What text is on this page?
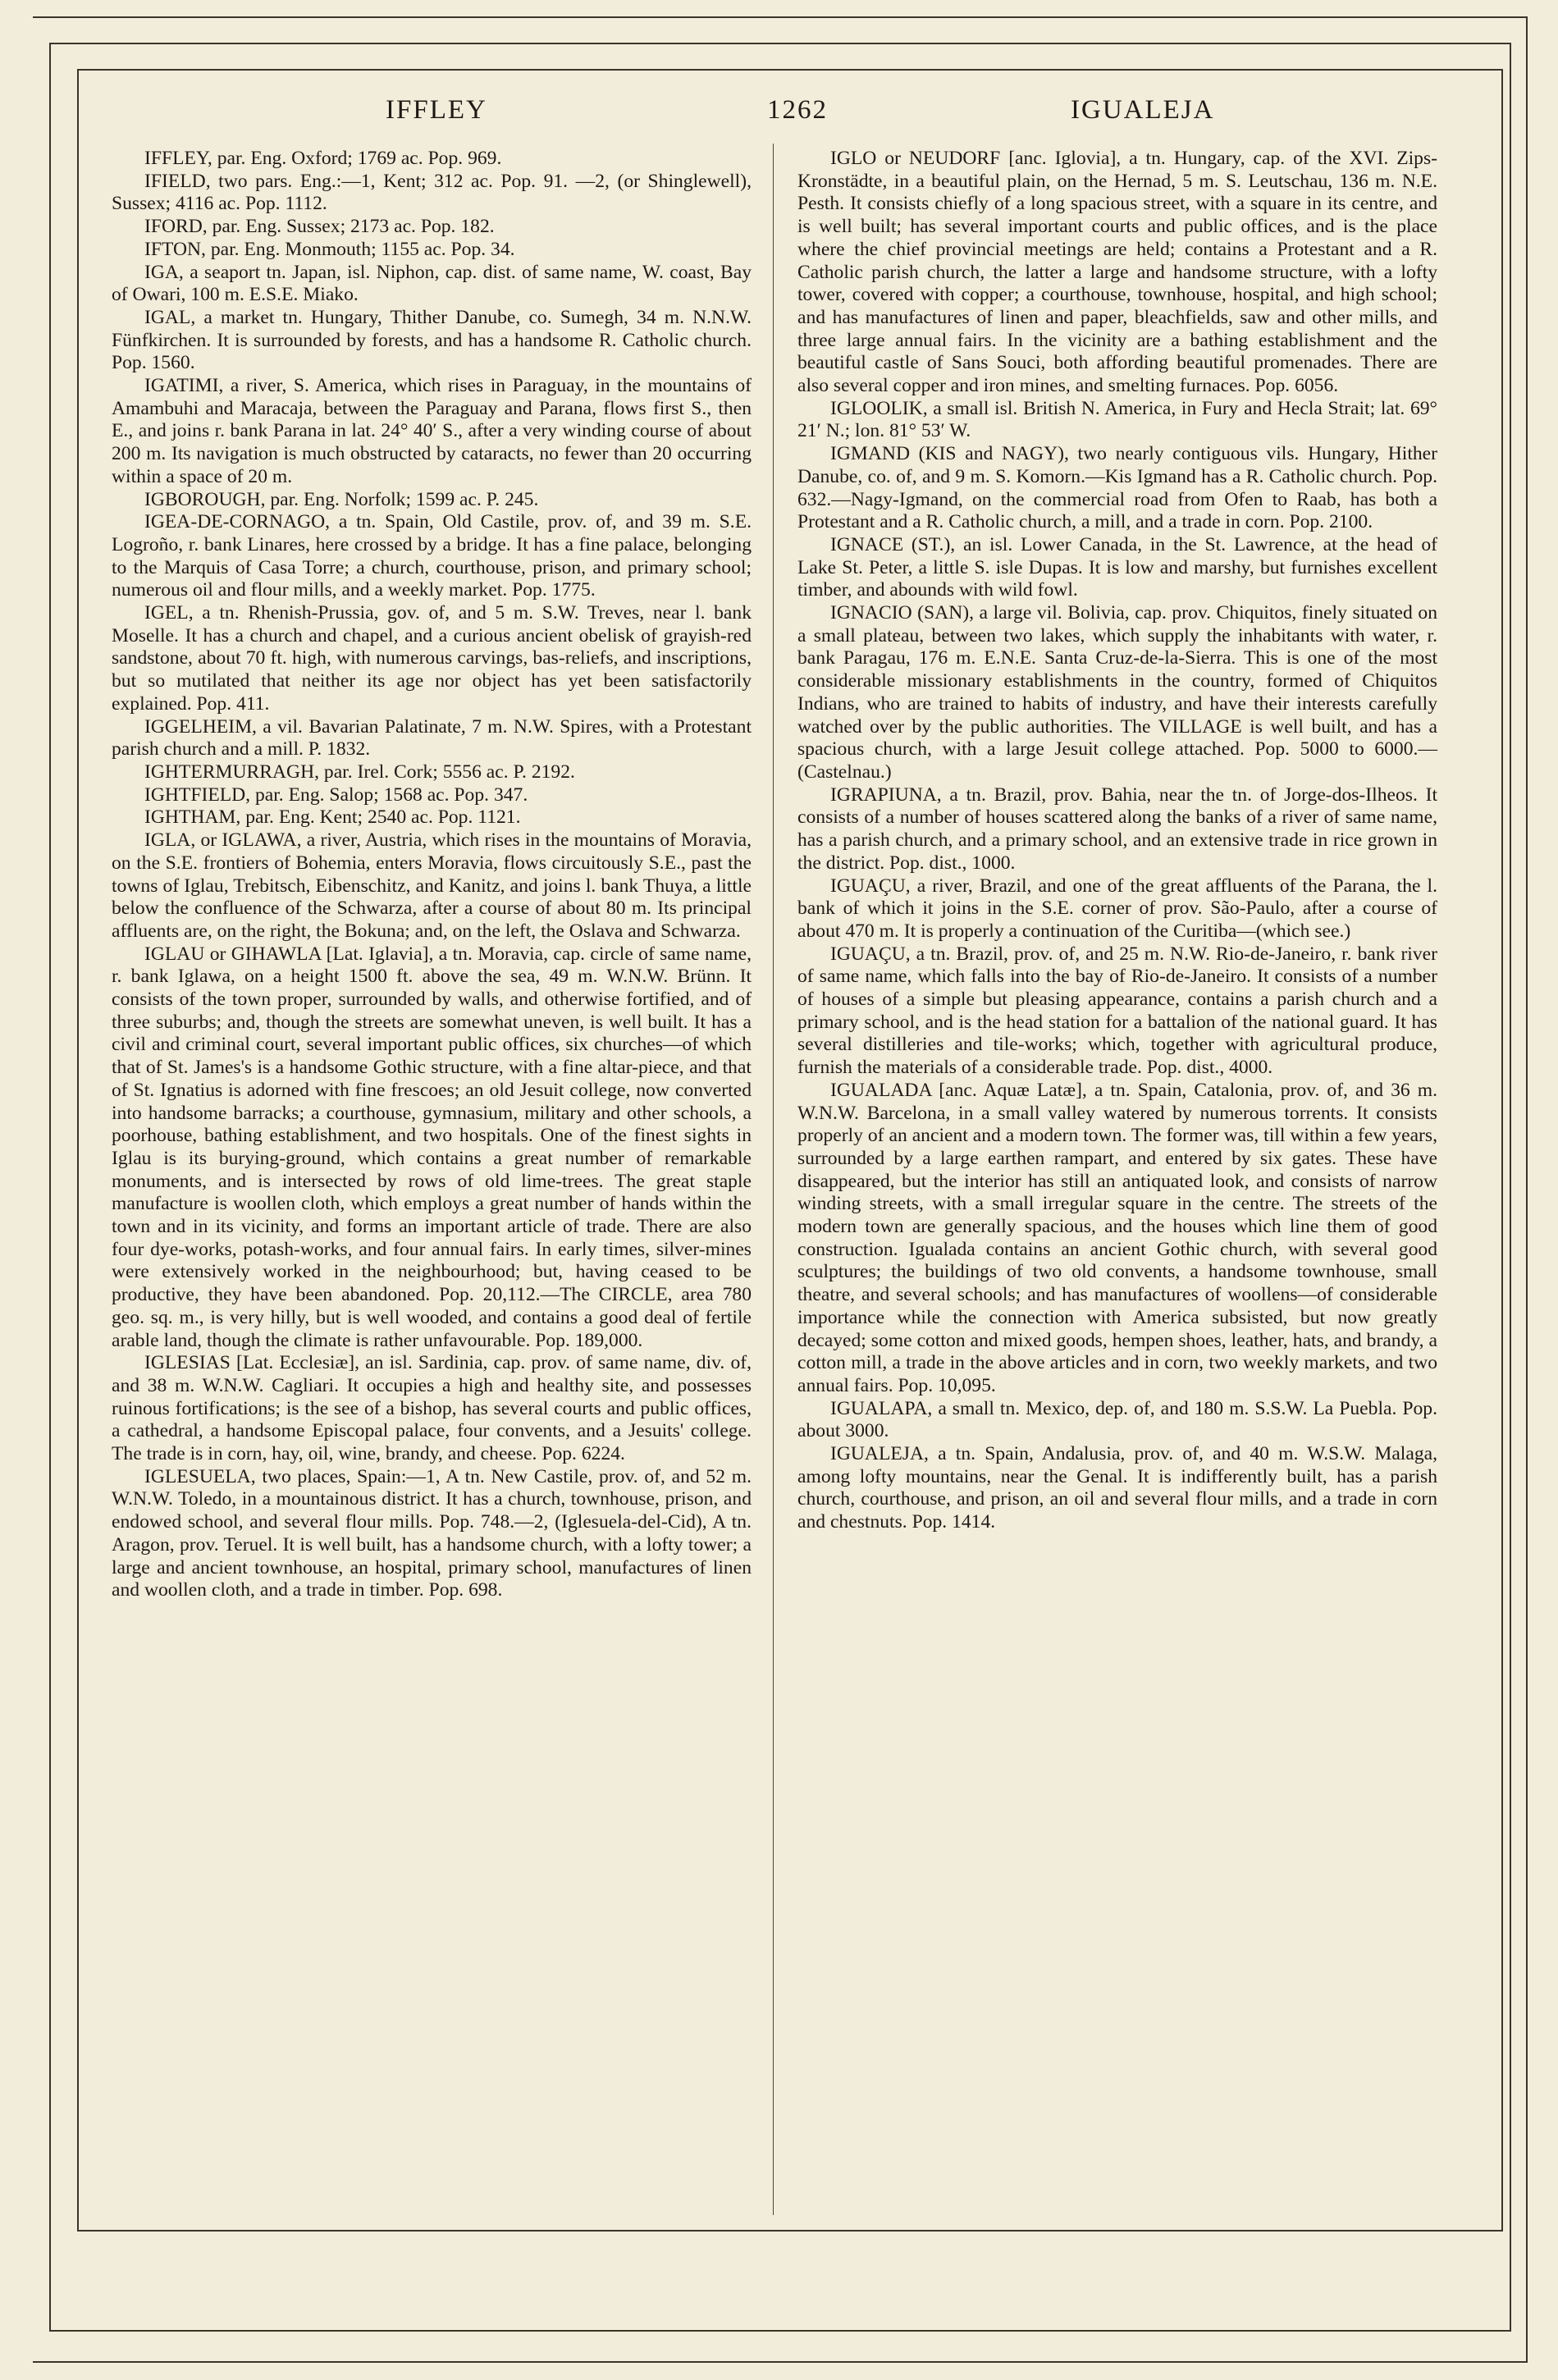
IFFLEY	1262	IGUALEJA

IFFLEY, par. Eng. Oxford; 1769 ac. Pop. 969.

IFIELD, two pars. Eng.:—1, Kent; 312 ac. Pop. 91. —2, (or Shinglewell), Sussex; 4116 ac. Pop. 1112.

IFORD, par. Eng. Sussex; 2173 ac. Pop. 182.

IFTON, par. Eng. Monmouth; 1155 ac. Pop. 34.

IGA, a seaport tn. Japan, isl. Niphon, cap. dist. of same name, W. coast, Bay of Owari, 100 m. E.S.E. Miako.

IGAL, a market tn. Hungary, Thither Danube, co. Sumegh, 34 m. N.N.W. Fünfkirchen. It is surrounded by forests, and has a handsome R. Catholic church. Pop. 1560.

IGATIMI, a river, S. America, which rises in Paraguay, in the mountains of Amambuhi and Maracaja, between the Paraguay and Parana, flows first S., then E., and joins r. bank Parana in lat. 24° 40′ S., after a very winding course of about 200 m. Its navigation is much obstructed by cataracts, no fewer than 20 occurring within a space of 20 m.

IGBOROUGH, par. Eng. Norfolk; 1599 ac. P. 245.

IGEA-DE-CORNAGO, a tn. Spain, Old Castile, prov. of, and 39 m. S.E. Logroño, r. bank Linares, here crossed by a bridge. It has a fine palace, belonging to the Marquis of Casa Torre; a church, courthouse, prison, and primary school; numerous oil and flour mills, and a weekly market. Pop. 1775.

IGEL, a tn. Rhenish-Prussia, gov. of, and 5 m. S.W. Treves, near l. bank Moselle. It has a church and chapel, and a curious ancient obelisk of grayish-red sandstone, about 70 ft. high, with numerous carvings, bas-reliefs, and inscriptions, but so mutilated that neither its age nor object has yet been satisfactorily explained. Pop. 411.

IGGELHEIM, a vil. Bavarian Palatinate, 7 m. N.W. Spires, with a Protestant parish church and a mill. P. 1832.

IGHTERMURRAGH, par. Irel. Cork; 5556 ac. P. 2192.

IGHTFIELD, par. Eng. Salop; 1568 ac. Pop. 347.

IGHTHAM, par. Eng. Kent; 2540 ac. Pop. 1121.

IGLA, or IGLAWA, a river, Austria, which rises in the mountains of Moravia, on the S.E. frontiers of Bohemia, enters Moravia, flows circuitously S.E., past the towns of Iglau, Trebitsch, Eibenschitz, and Kanitz, and joins l. bank Thuya, a little below the confluence of the Schwarza, after a course of about 80 m. Its principal affluents are, on the right, the Bokuna; and, on the left, the Oslava and Schwarza.

IGLAU or GIHAWLA [Lat. Iglavia], a tn. Moravia, cap. circle of same name, r. bank Iglawa, on a height 1500 ft. above the sea, 49 m. W.N.W. Brünn. It consists of the town proper, surrounded by walls, and otherwise fortified, and of three suburbs; and, though the streets are somewhat uneven, is well built. It has a civil and criminal court, several important public offices, six churches—of which that of St. James's is a handsome Gothic structure, with a fine altar-piece, and that of St. Ignatius is adorned with fine frescoes; an old Jesuit college, now converted into handsome barracks; a courthouse, gymnasium, military and other schools, a poorhouse, bathing establishment, and two hospitals. One of the finest sights in Iglau is its burying-ground, which contains a great number of remarkable monuments, and is intersected by rows of old lime-trees. The great staple manufacture is woollen cloth, which employs a great number of hands within the town and in its vicinity, and forms an important article of trade. There are also four dye-works, potash-works, and four annual fairs. In early times, silver-mines were extensively worked in the neighbourhood; but, having ceased to be productive, they have been abandoned. Pop. 20,112.—The CIRCLE, area 780 geo. sq. m., is very hilly, but is well wooded, and contains a good deal of fertile arable land, though the climate is rather unfavourable. Pop. 189,000.

IGLESIAS [Lat. Ecclesiæ], an isl. Sardinia, cap. prov. of same name, div. of, and 38 m. W.N.W. Cagliari. It occupies a high and healthy site, and possesses ruinous fortifications; is the see of a bishop, has several courts and public offices, a cathedral, a handsome Episcopal palace, four convents, and a Jesuits' college. The trade is in corn, hay, oil, wine, brandy, and cheese. Pop. 6224.

IGLESUELA, two places, Spain:—1, A tn. New Castile, prov. of, and 52 m. W.N.W. Toledo, in a mountainous district. It has a church, townhouse, prison, and endowed school, and several flour mills. Pop. 748.—2, (Iglesuela-del-Cid), A tn. Aragon, prov. Teruel. It is well built, has a handsome church, with a lofty tower; a large and ancient townhouse, an hospital, primary school, manufactures of linen and woollen cloth, and a trade in timber. Pop. 698.

IGLO or NEUDORF [anc. Iglovia], a tn. Hungary, cap. of the XVI. Zips-Kronstädte, in a beautiful plain, on the Hernad, 5 m. S. Leutschau, 136 m. N.E. Pesth. It consists chiefly of a long spacious street, with a square in its centre, and is well built; has several important courts and public offices, and is the place where the chief provincial meetings are held; contains a Protestant and a R. Catholic parish church, the latter a large and handsome structure, with a lofty tower, covered with copper; a courthouse, townhouse, hospital, and high school; and has manufactures of linen and paper, bleachfields, saw and other mills, and three large annual fairs. In the vicinity are a bathing establishment and the beautiful castle of Sans Souci, both affording beautiful promenades. There are also several copper and iron mines, and smelting furnaces. Pop. 6056.

IGLOOLIK, a small isl. British N. America, in Fury and Hecla Strait; lat. 69° 21′ N.; lon. 81° 53′ W.

IGMAND (KIS and NAGY), two nearly contiguous vils. Hungary, Hither Danube, co. of, and 9 m. S. Komorn.—Kis Igmand has a R. Catholic church. Pop. 632.—Nagy-Igmand, on the commercial road from Ofen to Raab, has both a Protestant and a R. Catholic church, a mill, and a trade in corn. Pop. 2100.

IGNACE (ST.), an isl. Lower Canada, in the St. Lawrence, at the head of Lake St. Peter, a little S. isle Dupas. It is low and marshy, but furnishes excellent timber, and abounds with wild fowl.

IGNACIO (SAN), a large vil. Bolivia, cap. prov. Chiquitos, finely situated on a small plateau, between two lakes, which supply the inhabitants with water, r. bank Paragau, 176 m. E.N.E. Santa Cruz-de-la-Sierra. This is one of the most considerable missionary establishments in the country, formed of Chiquitos Indians, who are trained to habits of industry, and have their interests carefully watched over by the public authorities. The VILLAGE is well built, and has a spacious church, with a large Jesuit college attached. Pop. 5000 to 6000.—(Castelnau.)

IGRAPIUNA, a tn. Brazil, prov. Bahia, near the tn. of Jorge-dos-Ilheos. It consists of a number of houses scattered along the banks of a river of same name, has a parish church, and a primary school, and an extensive trade in rice grown in the district. Pop. dist., 1000.

IGUAÇU, a river, Brazil, and one of the great affluents of the Parana, the l. bank of which it joins in the S.E. corner of prov. São-Paulo, after a course of about 470 m. It is properly a continuation of the Curitiba—(which see.)

IGUAÇU, a tn. Brazil, prov. of, and 25 m. N.W. Rio-de-Janeiro, r. bank river of same name, which falls into the bay of Rio-de-Janeiro. It consists of a number of houses of a simple but pleasing appearance, contains a parish church and a primary school, and is the head station for a battalion of the national guard. It has several distilleries and tile-works; which, together with agricultural produce, furnish the materials of a considerable trade. Pop. dist., 4000.

IGUALADA [anc. Aquæ Latæ], a tn. Spain, Catalonia, prov. of, and 36 m. W.N.W. Barcelona, in a small valley watered by numerous torrents. It consists properly of an ancient and a modern town. The former was, till within a few years, surrounded by a large earthen rampart, and entered by six gates. These have disappeared, but the interior has still an antiquated look, and consists of narrow winding streets, with a small irregular square in the centre. The streets of the modern town are generally spacious, and the houses which line them of good construction. Igualada contains an ancient Gothic church, with several good sculptures; the buildings of two old convents, a handsome townhouse, small theatre, and several schools; and has manufactures of woollens—of considerable importance while the connection with America subsisted, but now greatly decayed; some cotton and mixed goods, hempen shoes, leather, hats, and brandy, a cotton mill, a trade in the above articles and in corn, two weekly markets, and two annual fairs. Pop. 10,095.

IGUALAPA, a small tn. Mexico, dep. of, and 180 m. S.S.W. La Puebla. Pop. about 3000.

IGUALEJA, a tn. Spain, Andalusia, prov. of, and 40 m. W.S.W. Malaga, among lofty mountains, near the Genal. It is indifferently built, has a parish church, courthouse, and prison, an oil and several flour mills, and a trade in corn and chestnuts. Pop. 1414.
